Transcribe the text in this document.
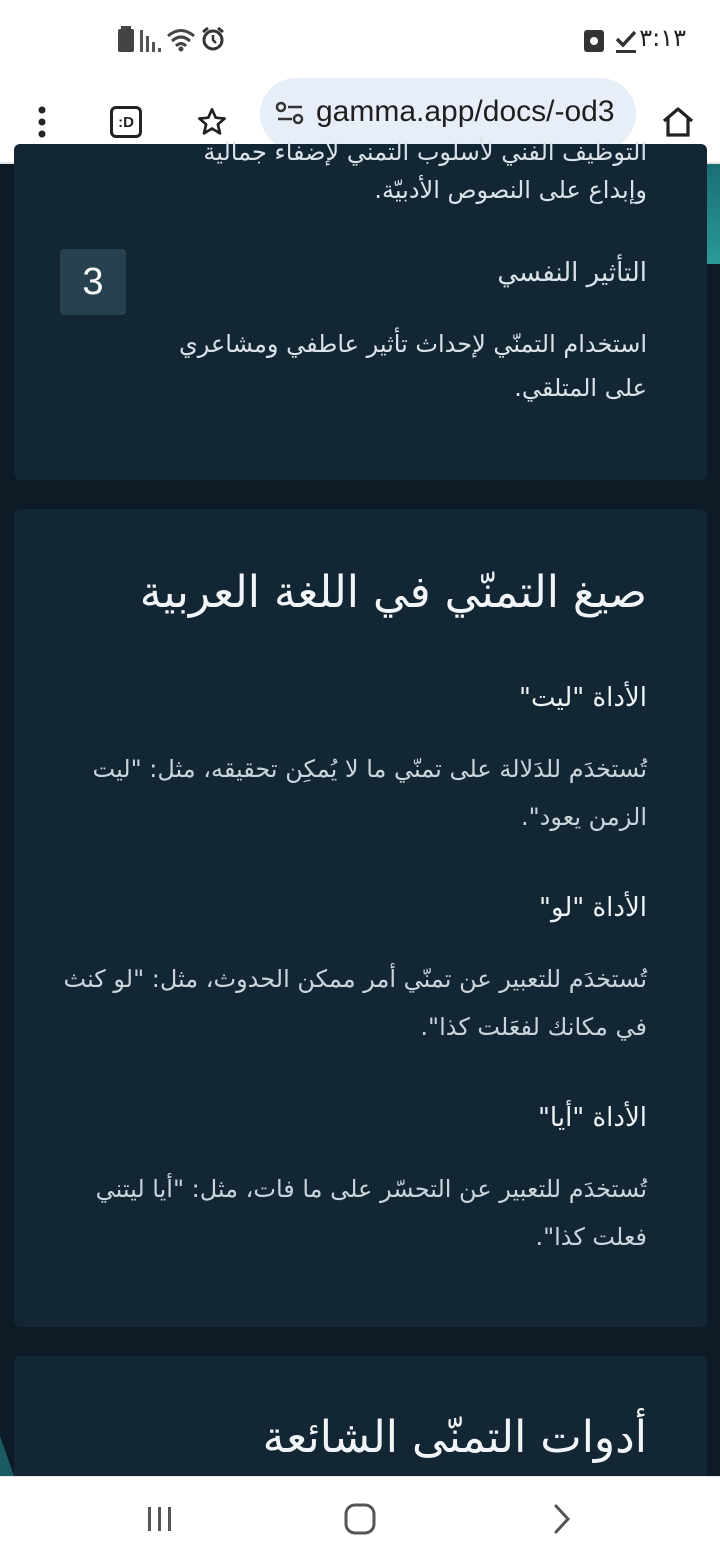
٣:١٣
:D	gamma.app/docs/-od3
التوظيف الفني لأسلوب التمني لإضفاء جمالية
وإبداع على النصوص الأدبيّة.
3	التأثير النفسي
استخدام التمنّي لإحداث تأثير عاطفي ومشاعري على المتلقي.
صيغ التمنّي في اللغة العربية
الأداة "ليت"
تُستخدَم للدَلالة على تمنّي ما لا يُمكِن تحقيقه، مثل: "ليت الزمن يعود".
الأداة "لو"
تُستخدَم للتعبير عن تمنّي أمر ممكن الحدوث، مثل: "لو كنث في مكانك لفعَلت كذا".
الأداة "أيا"
تُستخدَم للتعبير عن التحسّر على ما فات، مثل: "أيا ليتني فعلت كذا".
أدوات التمنّى الشائعة
